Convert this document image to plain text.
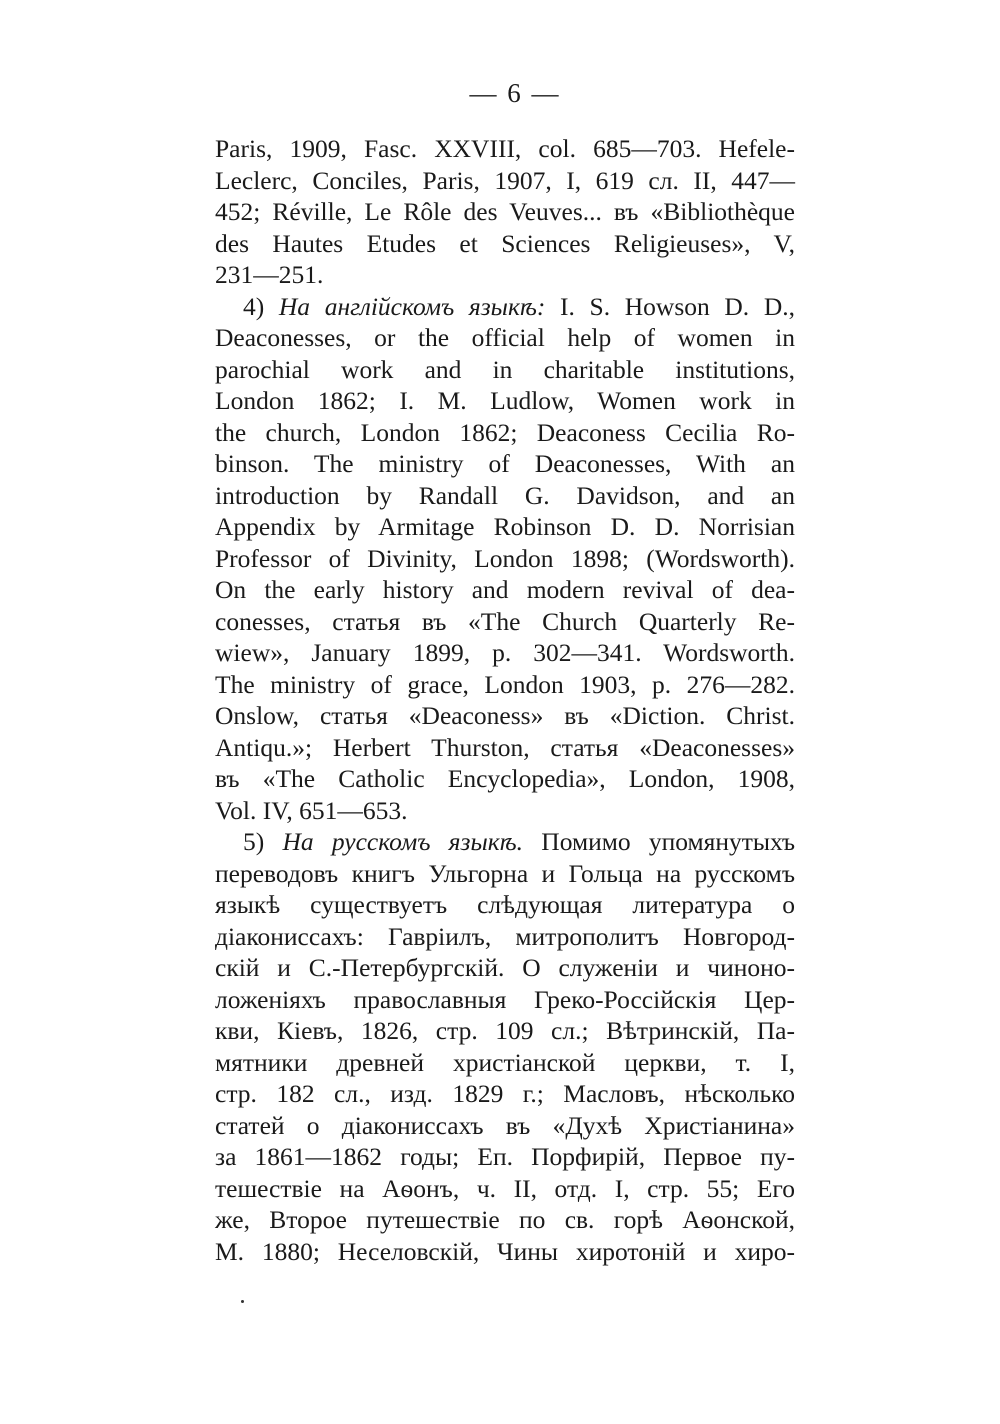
— 6 —
Paris, 1909, Fasc. XXVIII, col. 685—703. Hefele-
Leclerc, Conciles, Paris, 1907, I, 619 сл. II, 447—
452; Réville, Le Rôle des Veuves... въ «Bibliothèque
des Hautes Etudes et Sciences Religieuses», V,
231—251.
4) На англійскомъ языкѣ: I. S. Howson D. D.,
Deaconesses, or the official help of women in
parochial work and in charitable institutions,
London 1862; I. M. Ludlow, Women work in
the church, London 1862; Deaconess Cecilia Ro-
binson. The ministry of Deaconesses, With an
introduction by Randall G. Davidson, and an
Appendix by Armitage Robinson D. D. Norrisian
Professor of Divinity, London 1898; (Wordsworth).
On the early history and modern revival of dea-
conesses, статья въ «The Church Quarterly Re-
wiew», January 1899, p. 302—341. Wordsworth.
The ministry of grace, London 1903, p. 276—282.
Onslow, статья «Deaconess» въ «Diction. Christ.
Antiqu.»; Herbert Thurston, статья «Deaconesses»
въ «The Catholic Encyclopedia», London, 1908,
Vol. IV, 651—653.
5) На русскомъ языкѣ. Помимо упомянутыхъ
переводовъ книгъ Ульгорна и Гольца на русскомъ
языкѣ существуетъ слѣдующая литература о
діакониссахъ: Гавріилъ, митрополитъ Новгород-
скій и С.-Петербургскій. О служеніи и чиноно-
ложеніяхъ православныя Греко-Россійскія Цер-
кви, Кіевъ, 1826, стр. 109 сл.; Вѣтринскій, Па-
мятники древней христіанской церкви, т. I,
стр. 182 сл., изд. 1829 г.; Масловъ, нѣсколько
статей о діакониссахъ въ «Духѣ Христіанина»
за 1861—1862 годы; Еп. Порфирій, Первое пу-
тешествіе на Аѳонъ, ч. II, отд. I, стр. 55; Его
же, Второе путешествіе по св. горѣ Аѳонской,
М. 1880; Неселовскій, Чины хиротоній и хиро-
